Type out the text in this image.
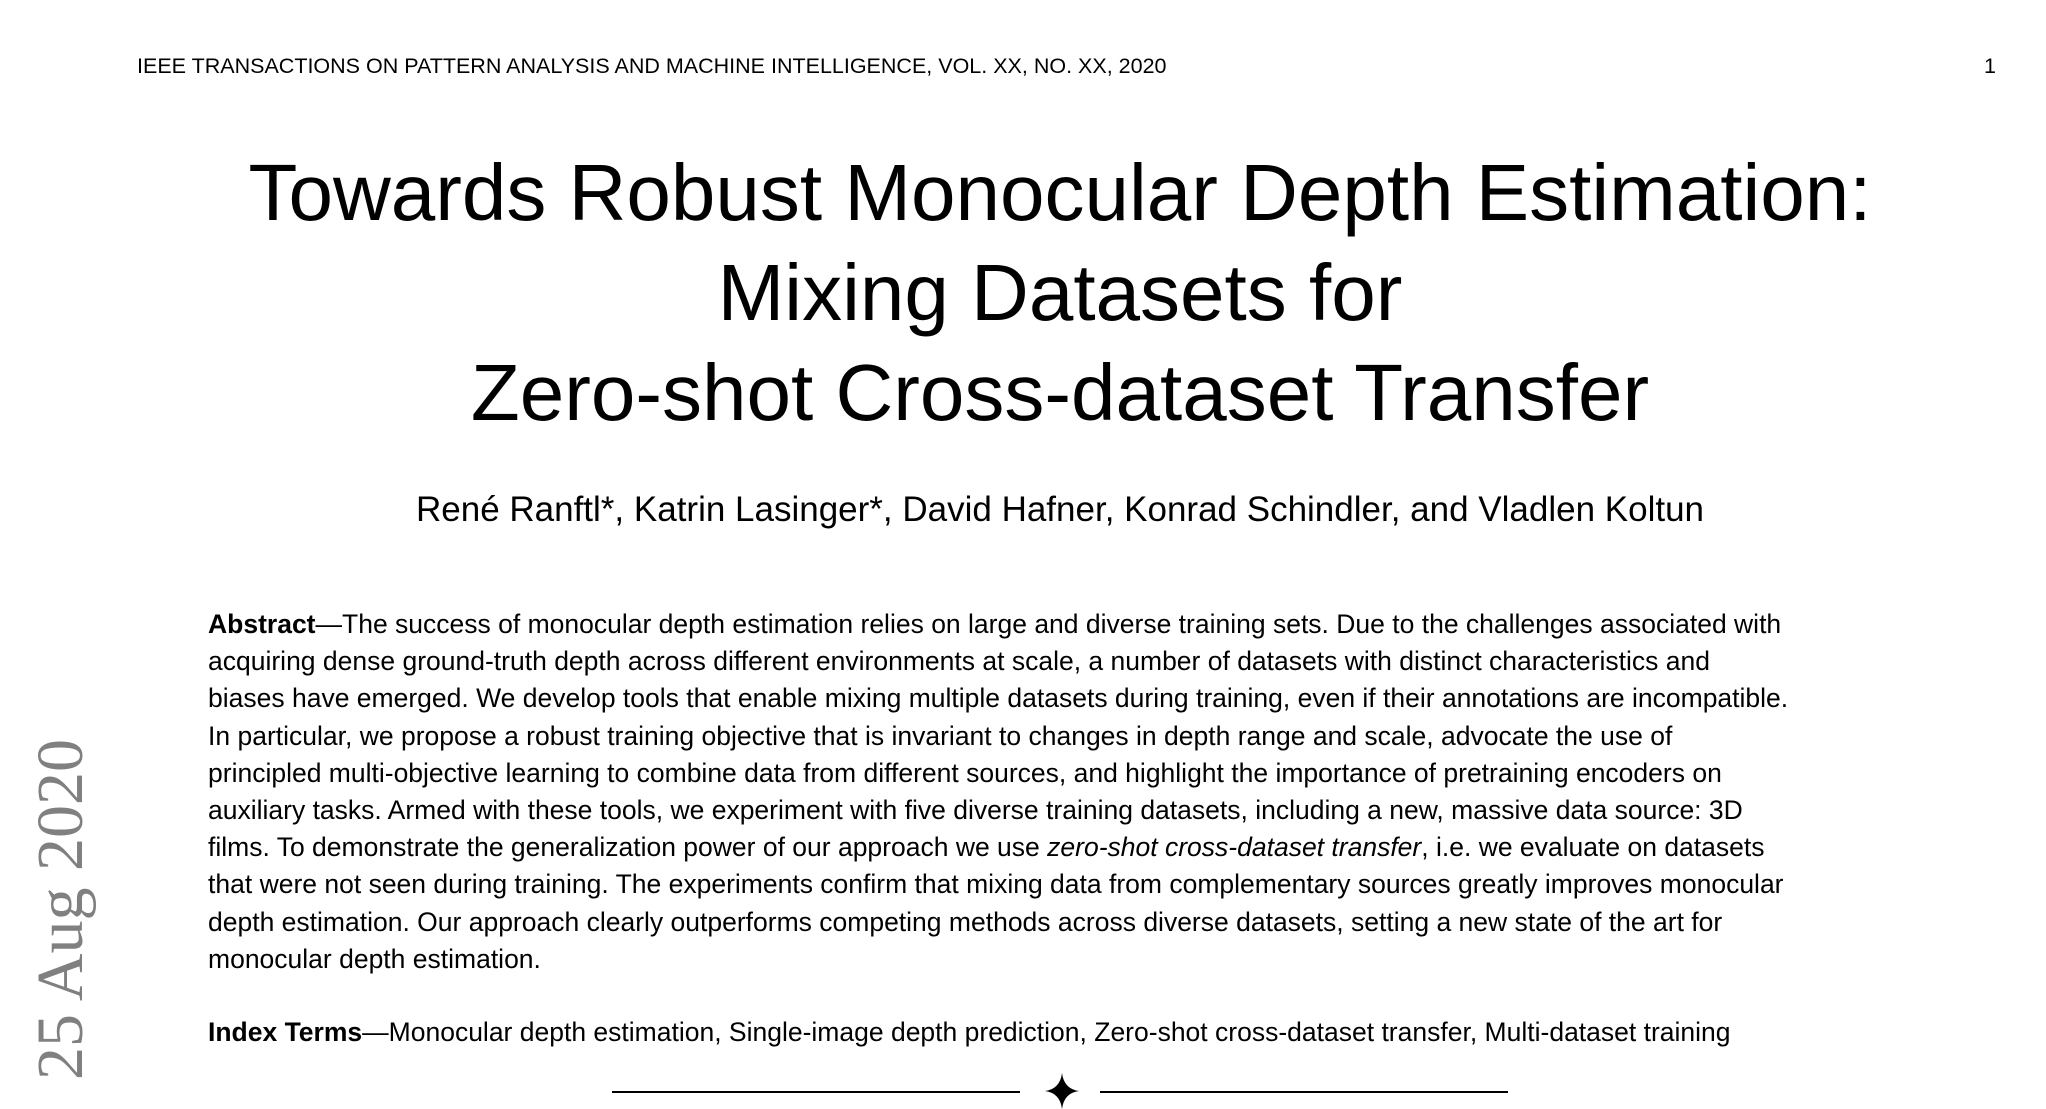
IEEE TRANSACTIONS ON PATTERN ANALYSIS AND MACHINE INTELLIGENCE, VOL. XX, NO. XX, 2020	1
Towards Robust Monocular Depth Estimation:
Mixing Datasets for
Zero-shot Cross-dataset Transfer
René Ranftl*, Katrin Lasinger*, David Hafner, Konrad Schindler, and Vladlen Koltun

Abstract—The success of monocular depth estimation relies on large and diverse training sets. Due to the challenges associated with
acquiring dense ground-truth depth across different environments at scale, a number of datasets with distinct characteristics and
biases have emerged. We develop tools that enable mixing multiple datasets during training, even if their annotations are incompatible.
In particular, we propose a robust training objective that is invariant to changes in depth range and scale, advocate the use of
principled multi-objective learning to combine data from different sources, and highlight the importance of pretraining encoders on
auxiliary tasks. Armed with these tools, we experiment with five diverse training datasets, including a new, massive data source: 3D
films. To demonstrate the generalization power of our approach we use zero-shot cross-dataset transfer, i.e. we evaluate on datasets
that were not seen during training. The experiments confirm that mixing data from complementary sources greatly improves monocular
depth estimation. Our approach clearly outperforms competing methods across diverse datasets, setting a new state of the art for
monocular depth estimation.

Index Terms—Monocular depth estimation, Single-image depth prediction, Zero-shot cross-dataset transfer, Multi-dataset training
25 Aug 2020
